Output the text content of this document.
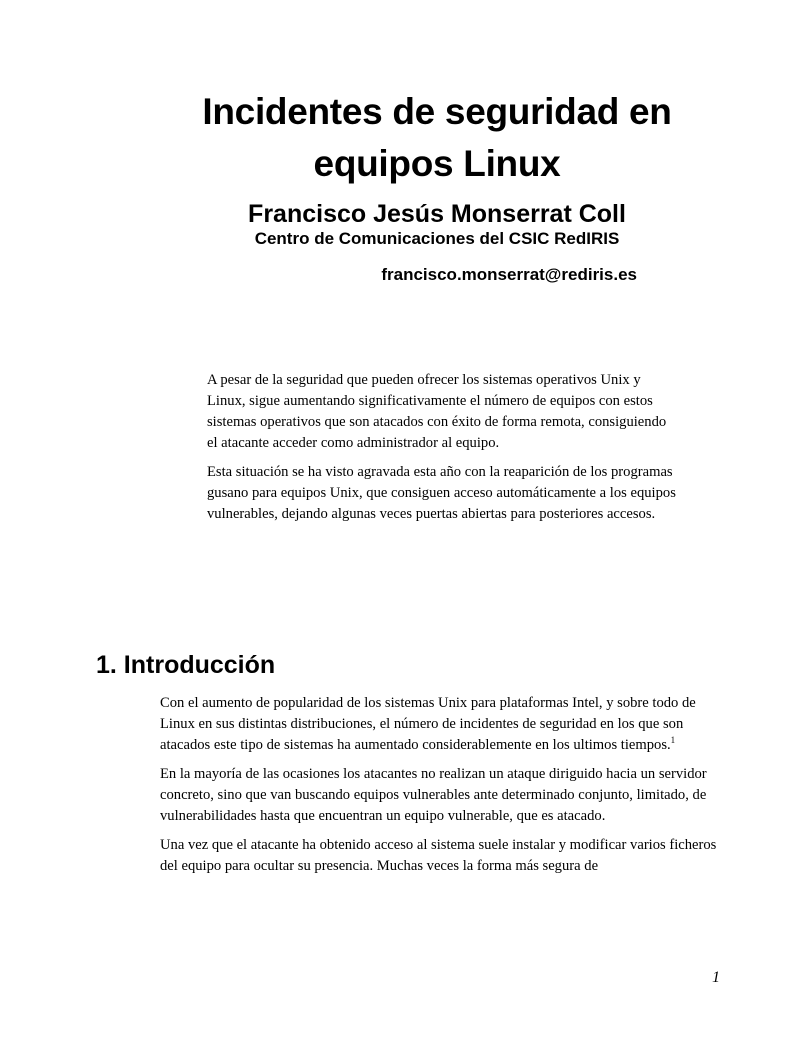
Incidentes de seguridad en
equipos Linux
Francisco Jesús Monserrat Coll
Centro de Comunicaciones del CSIC RedIRIS
francisco.monserrat@rediris.es

A pesar de la seguridad que pueden ofrecer los sistemas operativos Unix y Linux, sigue aumentando significativamente el número de equipos con estos sistemas operativos que son atacados con éxito de forma remota, consiguiendo el atacante acceder como administrador al equipo.

Esta situación se ha visto agravada esta año con la reaparición de los programas gusano para equipos Unix, que consiguen acceso automáticamente a los equipos vulnerables, dejando algunas veces puertas abiertas para posteriores accesos.

1. Introducción

Con el aumento de popularidad de los sistemas Unix para plataformas Intel, y sobre todo de Linux en sus distintas distribuciones, el número de incidentes de seguridad en los que son atacados este tipo de sistemas ha aumentado considerablemente en los ultimos tiempos.$^1$

En la mayoría de las ocasiones los atacantes no realizan un ataque diriguido hacia un servidor concreto, sino que van buscando equipos vulnerables ante determinado conjunto, limitado, de vulnerabilidades hasta que encuentran un equipo vulnerable, que es atacado.

Una vez que el atacante ha obtenido acceso al sistema suele instalar y modificar varios ficheros del equipo para ocultar su presencia. Muchas veces la forma más segura de

1
